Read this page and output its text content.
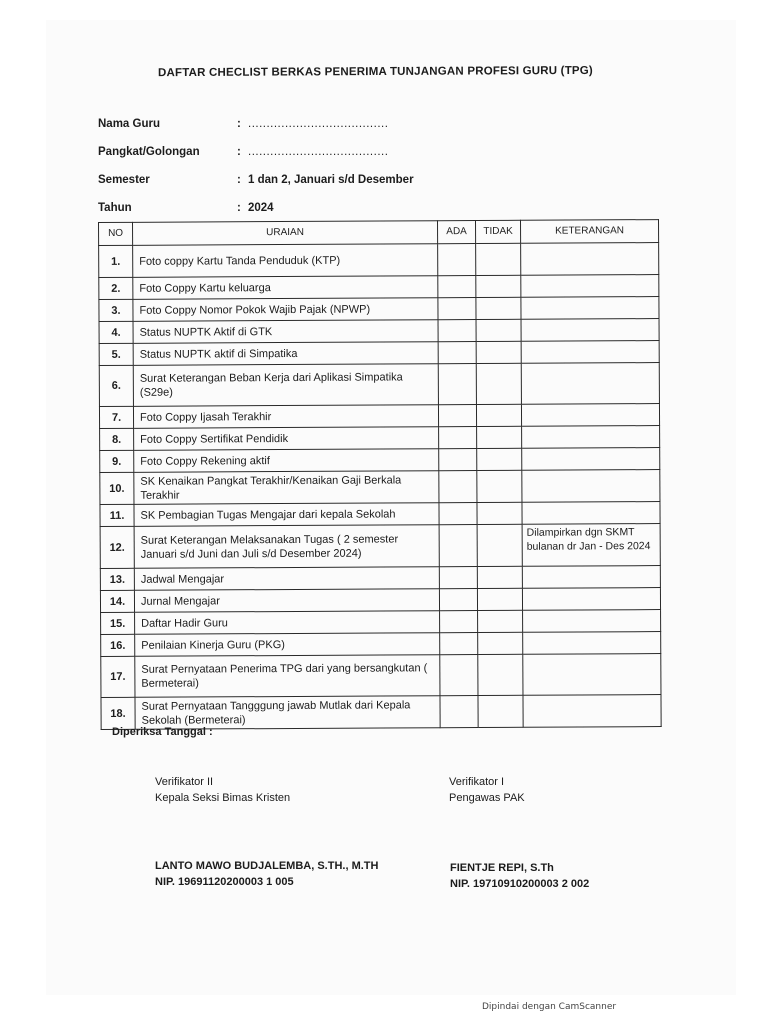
DAFTAR CHECLIST BERKAS PENERIMA TUNJANGAN PROFESI GURU (TPG)
Nama Guru	: ......................................
Pangkat/Golongan	: ......................................
Semester	: 1 dan 2, Januari s/d Desember
Tahun	: 2024
NO	URAIAN	ADA	TIDAK	KETERANGAN
1.	Foto coppy Kartu Tanda Penduduk (KTP)			
2.	Foto Coppy Kartu keluarga			
3.	Foto Coppy Nomor Pokok Wajib Pajak (NPWP)			
4.	Status NUPTK Aktif di GTK			
5.	Status NUPTK aktif di Simpatika			
6.	Surat Keterangan Beban Kerja dari Aplikasi Simpatika (S29e)			
7.	Foto Coppy Ijasah Terakhir			
8.	Foto Coppy Sertifikat Pendidik			
9.	Foto Coppy Rekening aktif			
10.	SK Kenaikan Pangkat Terakhir/Kenaikan Gaji Berkala Terakhir			
11.	SK Pembagian Tugas Mengajar dari kepala Sekolah			
12.	Surat Keterangan Melaksanakan Tugas ( 2 semester Januari s/d Juni dan Juli s/d Desember 2024)			Dilampirkan dgn SKMT bulanan dr Jan - Des 2024
13.	Jadwal Mengajar			
14.	Jurnal Mengajar			
15.	Daftar Hadir Guru			
16.	Penilaian Kinerja Guru (PKG)			
17.	Surat Pernyataan Penerima TPG dari yang bersangkutan ( Bermeterai)			
18.	Surat Pernyataan Tangggung jawab Mutlak dari Kepala Sekolah (Bermeterai)			
Diperiksa Tanggal :
Verifikator II
Kepala Seksi Bimas Kristen
Verifikator I
Pengawas PAK
LANTO MAWO BUDJALEMBA, S.TH., M.TH
NIP. 19691120200003 1 005
FIENTJE REPI, S.Th
NIP. 19710910200003 2 002
Dipindai dengan CamScanner
